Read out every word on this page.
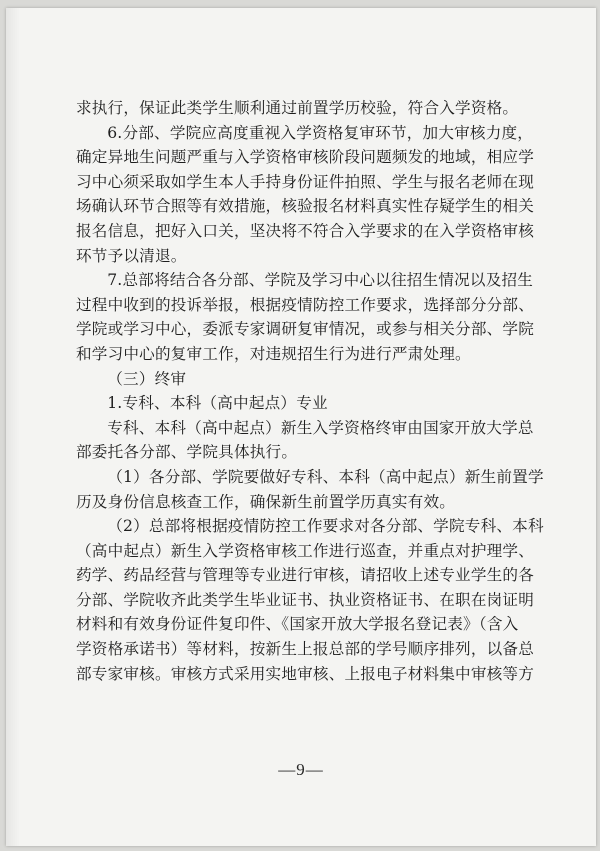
求执行，保证此类学生顺利通过前置学历校验，符合入学资格。

6.分部、学院应高度重视入学资格复审环节，加大审核力度，
确定异地生问题严重与入学资格审核阶段问题频发的地域，相应学
习中心须采取如学生本人手持身份证件拍照、学生与报名老师在现
场确认环节合照等有效措施，核验报名材料真实性存疑学生的相关
报名信息，把好入口关，坚决将不符合入学要求的在入学资格审核
环节予以清退。

7.总部将结合各分部、学院及学习中心以往招生情况以及招生
过程中收到的投诉举报，根据疫情防控工作要求，选择部分分部、
学院或学习中心，委派专家调研复审情况，或参与相关分部、学院
和学习中心的复审工作，对违规招生行为进行严肃处理。

（三）终审

1.专科、本科（高中起点）专业

专科、本科（高中起点）新生入学资格终审由国家开放大学总
部委托各分部、学院具体执行。

（1）各分部、学院要做好专科、本科（高中起点）新生前置学
历及身份信息核查工作，确保新生前置学历真实有效。

（2）总部将根据疫情防控工作要求对各分部、学院专科、本科
（高中起点）新生入学资格审核工作进行巡查，并重点对护理学、
药学、药品经营与管理等专业进行审核，请招收上述专业学生的各
分部、学院收齐此类学生毕业证书、执业资格证书、在职在岗证明
材料和有效身份证件复印件、《国家开放大学报名登记表》（含入
学资格承诺书）等材料，按新生上报总部的学号顺序排列，以备总
部专家审核。审核方式采用实地审核、上报电子材料集中审核等方

—9—
